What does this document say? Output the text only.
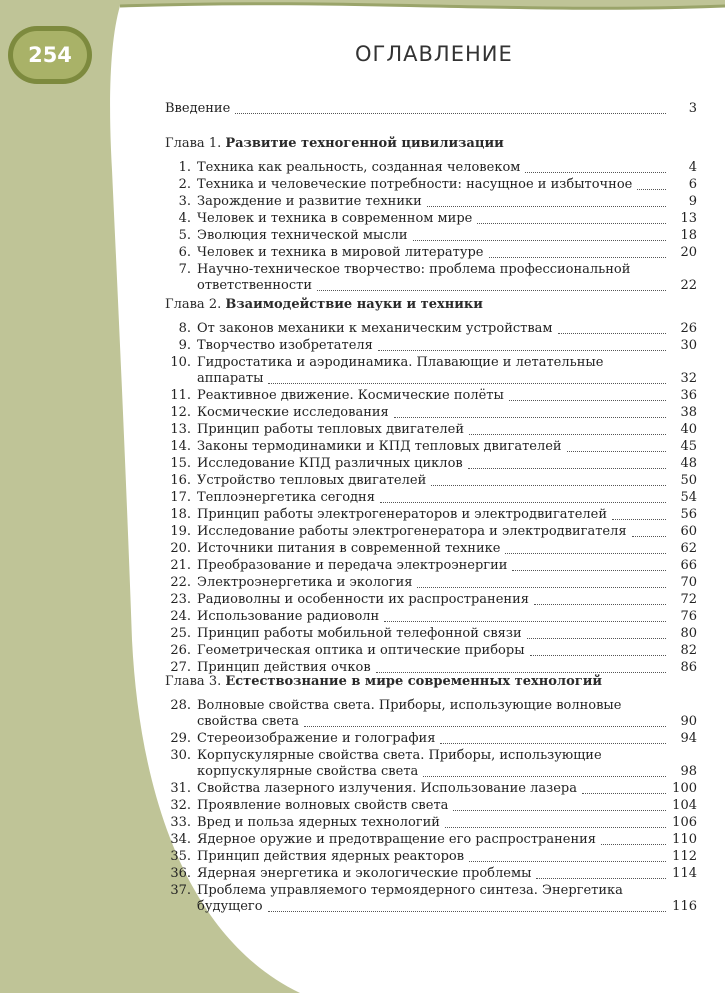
254	ОГЛАВЛЕНИЕ
Введение	3
Глава 1. Развитие техногенной цивилизации
1. Техника как реальность, созданная человеком	4
2. Техника и человеческие потребности: насущное и избыточное	6
3. Зарождение и развитие техники	9
4. Человек и техника в современном мире	13
5. Эволюция технической мысли	18
6. Человек и техника в мировой литературе	20
7. Научно-техническое творчество: проблема профессиональной
ответственности	22
Глава 2. Взаимодействие науки и техники
8. От законов механики к механическим устройствам	26
9. Творчество изобретателя	30
10. Гидростатика и аэродинамика. Плавающие и летательные
аппараты	32
11. Реактивное движение. Космические полёты	36
12. Космические исследования	38
13. Принцип работы тепловых двигателей	40
14. Законы термодинамики и КПД тепловых двигателей	45
15. Исследование КПД различных циклов	48
16. Устройство тепловых двигателей	50
17. Теплоэнергетика сегодня	54
18. Принцип работы электрогенераторов и электродвигателей	56
19. Исследование работы электрогенератора и электродвигателя	60
20. Источники питания в современной технике	62
21. Преобразование и передача электроэнергии	66
22. Электроэнергетика и экология	70
23. Радиоволны и особенности их распространения	72
24. Использование радиоволн	76
25. Принцип работы мобильной телефонной связи	80
26. Геометрическая оптика и оптические приборы	82
27. Принцип действия очков	86
Глава 3. Естествознание в мире современных технологий
28. Волновые свойства света. Приборы, использующие волновые
свойства света	90
29. Стереоизображение и голография	94
30. Корпускулярные свойства света. Приборы, использующие
корпускулярные свойства света	98
31. Свойства лазерного излучения. Использование лазера	100
32. Проявление волновых свойств света	104
33. Вред и польза ядерных технологий	106
34. Ядерное оружие и предотвращение его распространения	110
35. Принцип действия ядерных реакторов	112
36. Ядерная энергетика и экологические проблемы	114
37. Проблема управляемого термоядерного синтеза. Энергетика
будущего	116
